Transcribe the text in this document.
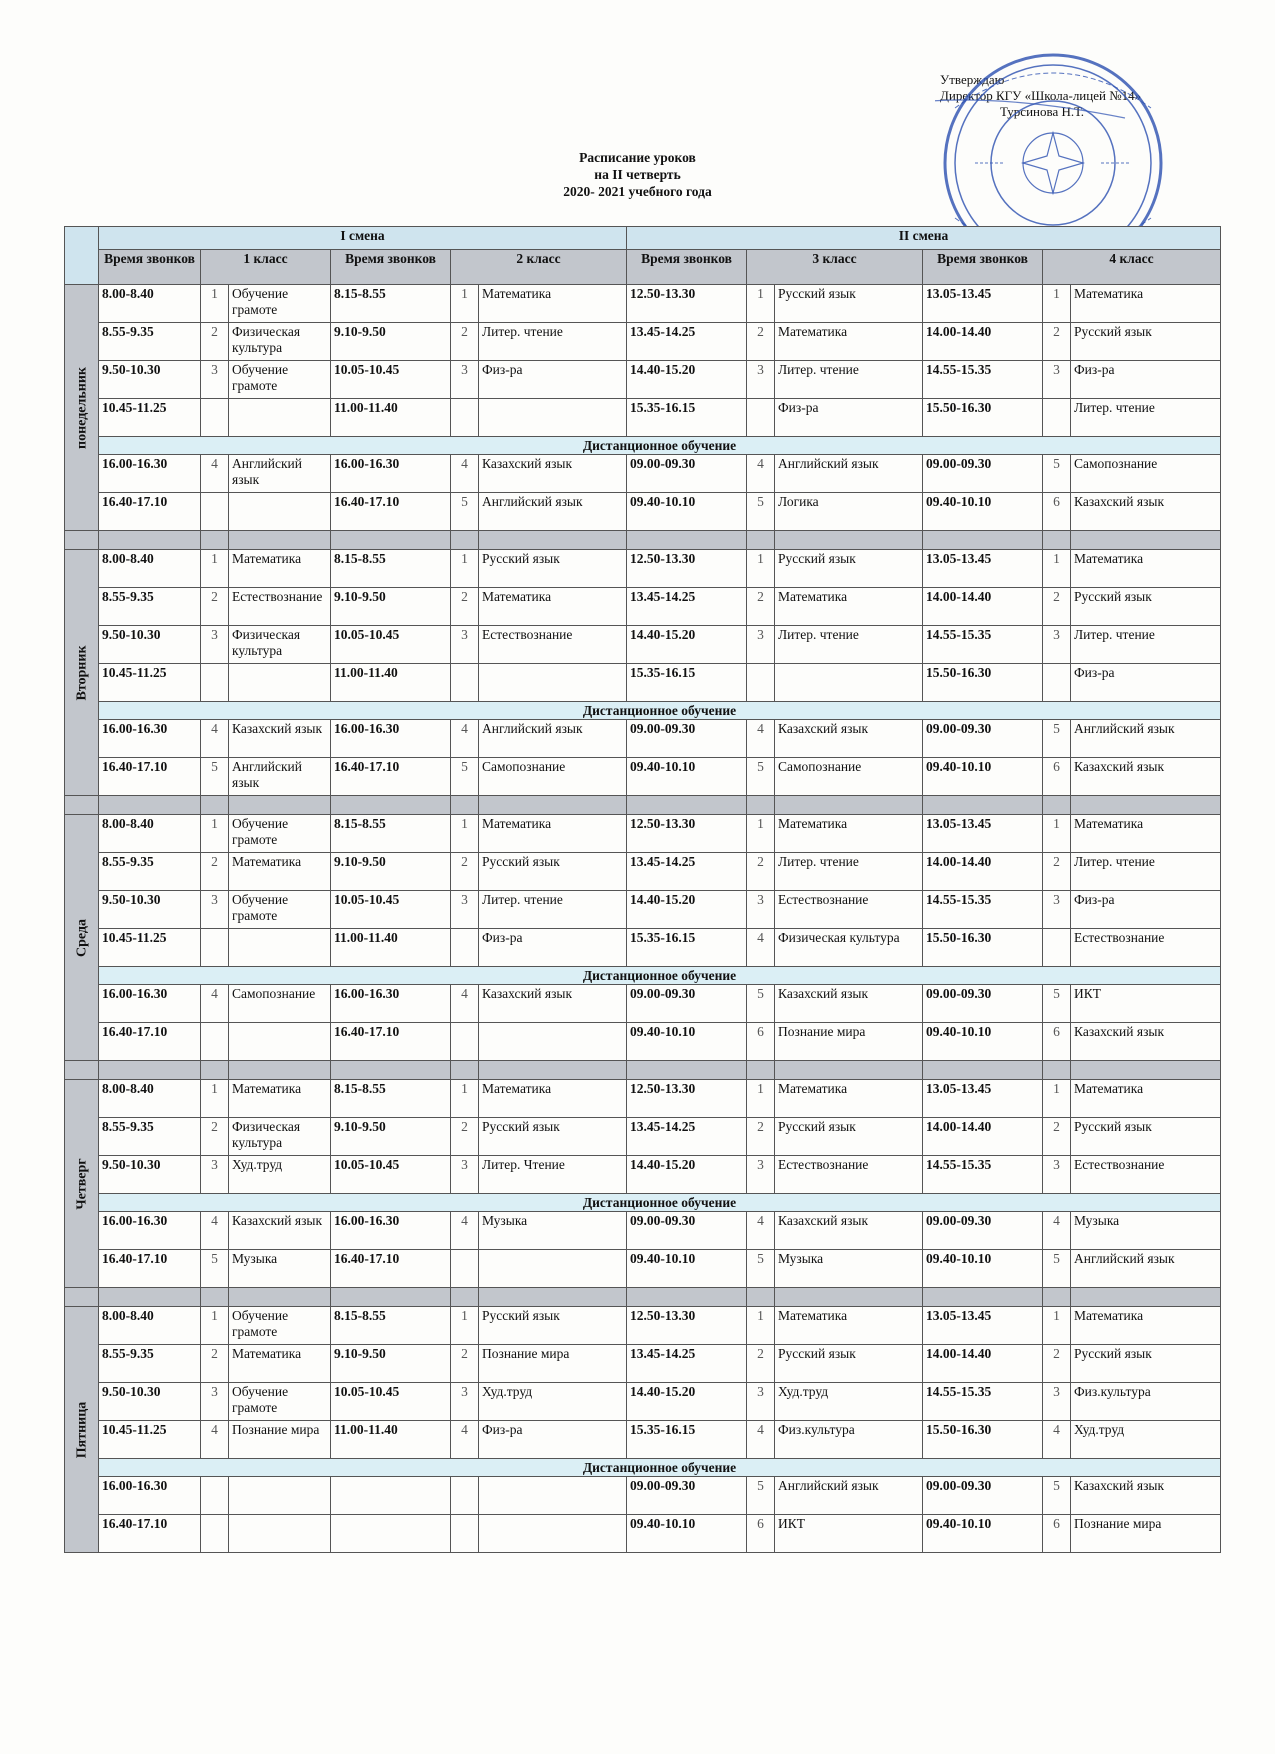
Утверждаю
Директор КГУ «Школа-лицей №14»
Турсинова Н.Т.
Расписание уроков
на II четверть
2020- 2021 учебного года
	I смена						II смена					
	Время звонков	1 класс		Время звонков	2 класс		Время звонков	3 класс		Время звонков	4 класс	

понедельник	8.00-8.40	1	Обучение грамоте	8.15-8.55	1	Математика	12.50-13.30	1	Русский язык	13.05-13.45	1	Математика
	8.55-9.35	2	Физическая культура	9.10-9.50	2	Литер. чтение	13.45-14.25	2	Математика	14.00-14.40	2	Русский язык
	9.50-10.30	3	Обучение грамоте	10.05-10.45	3	Физ-ра	14.40-15.20	3	Литер. чтение	14.55-15.35	3	Физ-ра
	10.45-11.25			11.00-11.40			15.35-16.15		Физ-ра	15.50-16.30		Литер. чтение
	Дистанционное обучение											
	16.00-16.30	4	Английский язык	16.00-16.30	4	Казахский язык	09.00-09.30	4	Английский язык	09.00-09.30	5	Самопознание
	16.40-17.10			16.40-17.10	5	Английский язык	09.40-10.10	5	Логика	09.40-10.10	6	Казахский язык

Вторник	8.00-8.40	1	Математика	8.15-8.55	1	Русский язык	12.50-13.30	1	Русский язык	13.05-13.45	1	Математика
	8.55-9.35	2	Естествознание	9.10-9.50	2	Математика	13.45-14.25	2	Математика	14.00-14.40	2	Русский язык
	9.50-10.30	3	Физическая культура	10.05-10.45	3	Естествознание	14.40-15.20	3	Литер. чтение	14.55-15.35	3	Литер. чтение
	10.45-11.25			11.00-11.40			15.35-16.15			15.50-16.30		Физ-ра
	Дистанционное обучение											
	16.00-16.30	4	Казахский язык	16.00-16.30	4	Английский язык	09.00-09.30	4	Казахский язык	09.00-09.30	5	Английский язык
	16.40-17.10	5	Английский язык	16.40-17.10	5	Самопознание	09.40-10.10	5	Самопознание	09.40-10.10	6	Казахский язык

Среда	8.00-8.40	1	Обучение грамоте	8.15-8.55	1	Математика	12.50-13.30	1	Математика	13.05-13.45	1	Математика
	8.55-9.35	2	Математика	9.10-9.50	2	Русский язык	13.45-14.25	2	Литер. чтение	14.00-14.40	2	Литер. чтение
	9.50-10.30	3	Обучение грамоте	10.05-10.45	3	Литер. чтение	14.40-15.20	3	Естествознание	14.55-15.35	3	Физ-ра
	10.45-11.25			11.00-11.40		Физ-ра	15.35-16.15	4	Физическая культура	15.50-16.30		Естествознание
	Дистанционное обучение											
	16.00-16.30	4	Самопознание	16.00-16.30	4	Казахский язык	09.00-09.30	5	Казахский язык	09.00-09.30	5	ИКТ
	16.40-17.10			16.40-17.10			09.40-10.10	6	Познание мира	09.40-10.10	6	Казахский язык

Четверг	8.00-8.40	1	Математика	8.15-8.55	1	Математика	12.50-13.30	1	Математика	13.05-13.45	1	Математика
	8.55-9.35	2	Физическая культура	9.10-9.50	2	Русский язык	13.45-14.25	2	Русский язык	14.00-14.40	2	Русский язык
	9.50-10.30	3	Худ.труд	10.05-10.45	3	Литер. Чтение	14.40-15.20	3	Естествознание	14.55-15.35	3	Естествознание
	Дистанционное обучение											
	16.00-16.30	4	Казахский язык	16.00-16.30	4	Музыка	09.00-09.30	4	Казахский язык	09.00-09.30	4	Музыка
	16.40-17.10	5	Музыка	16.40-17.10			09.40-10.10	5	Музыка	09.40-10.10	5	Английский язык

Пятница	8.00-8.40	1	Обучение грамоте	8.15-8.55	1	Русский язык	12.50-13.30	1	Математика	13.05-13.45	1	Математика
	8.55-9.35	2	Математика	9.10-9.50	2	Познание мира	13.45-14.25	2	Русский язык	14.00-14.40	2	Русский язык
	9.50-10.30	3	Обучение грамоте	10.05-10.45	3	Худ.труд	14.40-15.20	3	Худ.труд	14.55-15.35	3	Физ.культура
	10.45-11.25	4	Познание мира	11.00-11.40	4	Физ-ра	15.35-16.15	4	Физ.культура	15.50-16.30	4	Худ.труд
	Дистанционное обучение											
	16.00-16.30						09.00-09.30	5	Английский язык	09.00-09.30	5	Казахский язык
	16.40-17.10						09.40-10.10	6	ИКТ	09.40-10.10	6	Познание мира
